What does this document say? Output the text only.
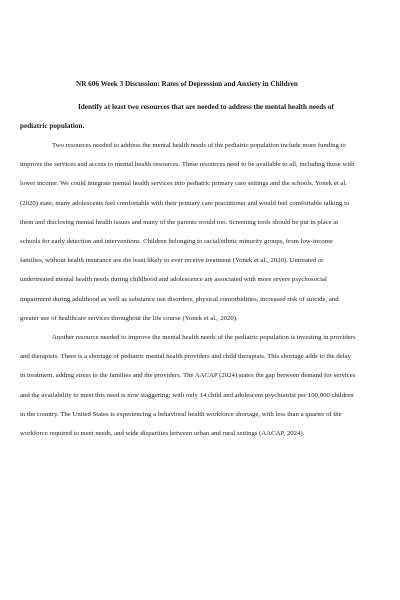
NR 606 Week 3 Discussion: Rates of Depression and Anxiety in Children

Identify at least two resources that are needed to address the mental health needs of pediatric population.

Two resources needed to address the mental health needs of the pediatric population include more funding to improve the services and access to mental health resources. These resources need to be available to all, including those with lower income. We could integrate mental health services into pediatric primary care settings and the schools. Yonek et al. (2020) state, many adolescents feel comfortable with their primary care practitioner and would feel comfortable talking to them and disclosing mental health issues and many of the parents would too. Screening tools should be put in place at schools for early detection and interventions. Children belonging to racial/ethnic minority groups, from low-income families, without health insurance are the least likely to ever receive treatment (Yonek et al., 2020). Untreated or undertreated mental health needs during childhood and adolescence are associated with more severe psychosocial impairment during adulthood as well as substance use disorders, physical comorbidities, increased risk of suicide, and greater use of healthcare services throughout the life course (Yonek et al., 2020).

Another resource needed to improve the mental health needs of the pediatric population is investing in providers and therapists. There is a shortage of pediatric mental health providers and child therapists. This shortage adds to the delay in treatment, adding stress to the families and the providers. The AACAP (2024) states the gap between demand for services and the availability to meet this need is now staggering; with only 14 child and adolescent psychiatrist per 100,000 children in the country. The United States is experiencing a behavioral health workforce shortage, with less than a quarter of the workforce required to meet needs, and wide disparities between urban and rural settings (AACAP, 2024).
